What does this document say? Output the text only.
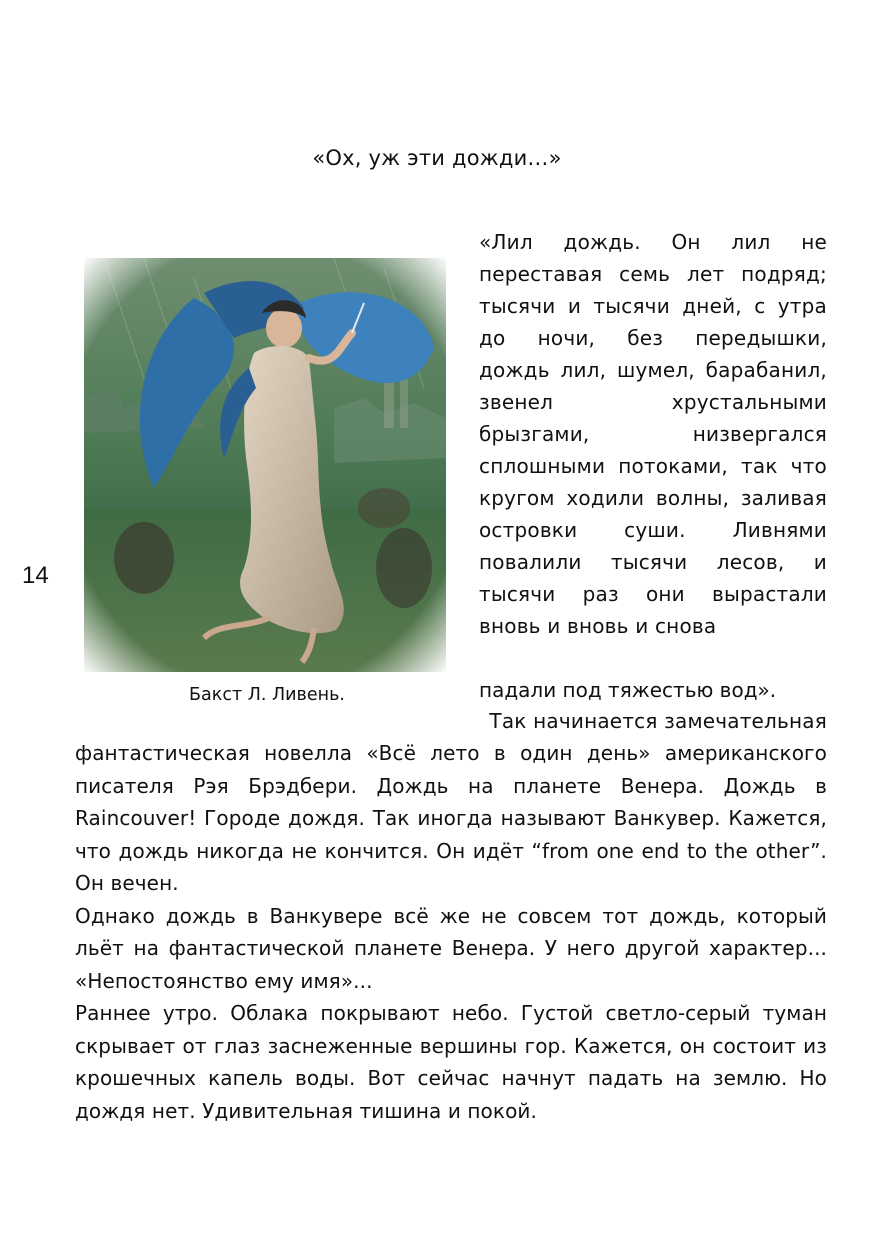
«Ох, уж эти дожди…»
14
Бакст Л. Ливень.
«Лил дождь. Он лил не переставая семь лет подряд; тысячи и тысячи дней, с утра до ночи, без передышки, дождь лил, шумел, барабанил, звенел хрустальными брызгами, низвергался сплошными потоками, так что кругом ходили волны, заливая островки суши. Ливнями повалили тысячи лесов, и тысячи раз они вырастали вновь и вновь и снова
падали под тяжестью вод».
Так начинается замечательная

фантастическая новелла «Всё лето в один день» американского писателя Рэя Брэдбери. Дождь на планете Венера. Дождь в Raincouver! Городе дождя. Так иногда называют Ванкувер. Кажется, что дождь никогда не кончится. Он идёт “from one end to the other”. Он вечен.

Однако дождь в Ванкувере всё же не совсем тот дождь, который льёт на фантастической планете Венера. У него другой характер... «Непостоянство ему имя»...

Раннее утро. Облака покрывают небо. Густой светло-серый туман скрывает от глаз заснеженные вершины гор. Кажется, он состоит из крошечных капель воды. Вот сейчас начнут падать на землю. Но дождя нет. Удивительная тишина и покой.
